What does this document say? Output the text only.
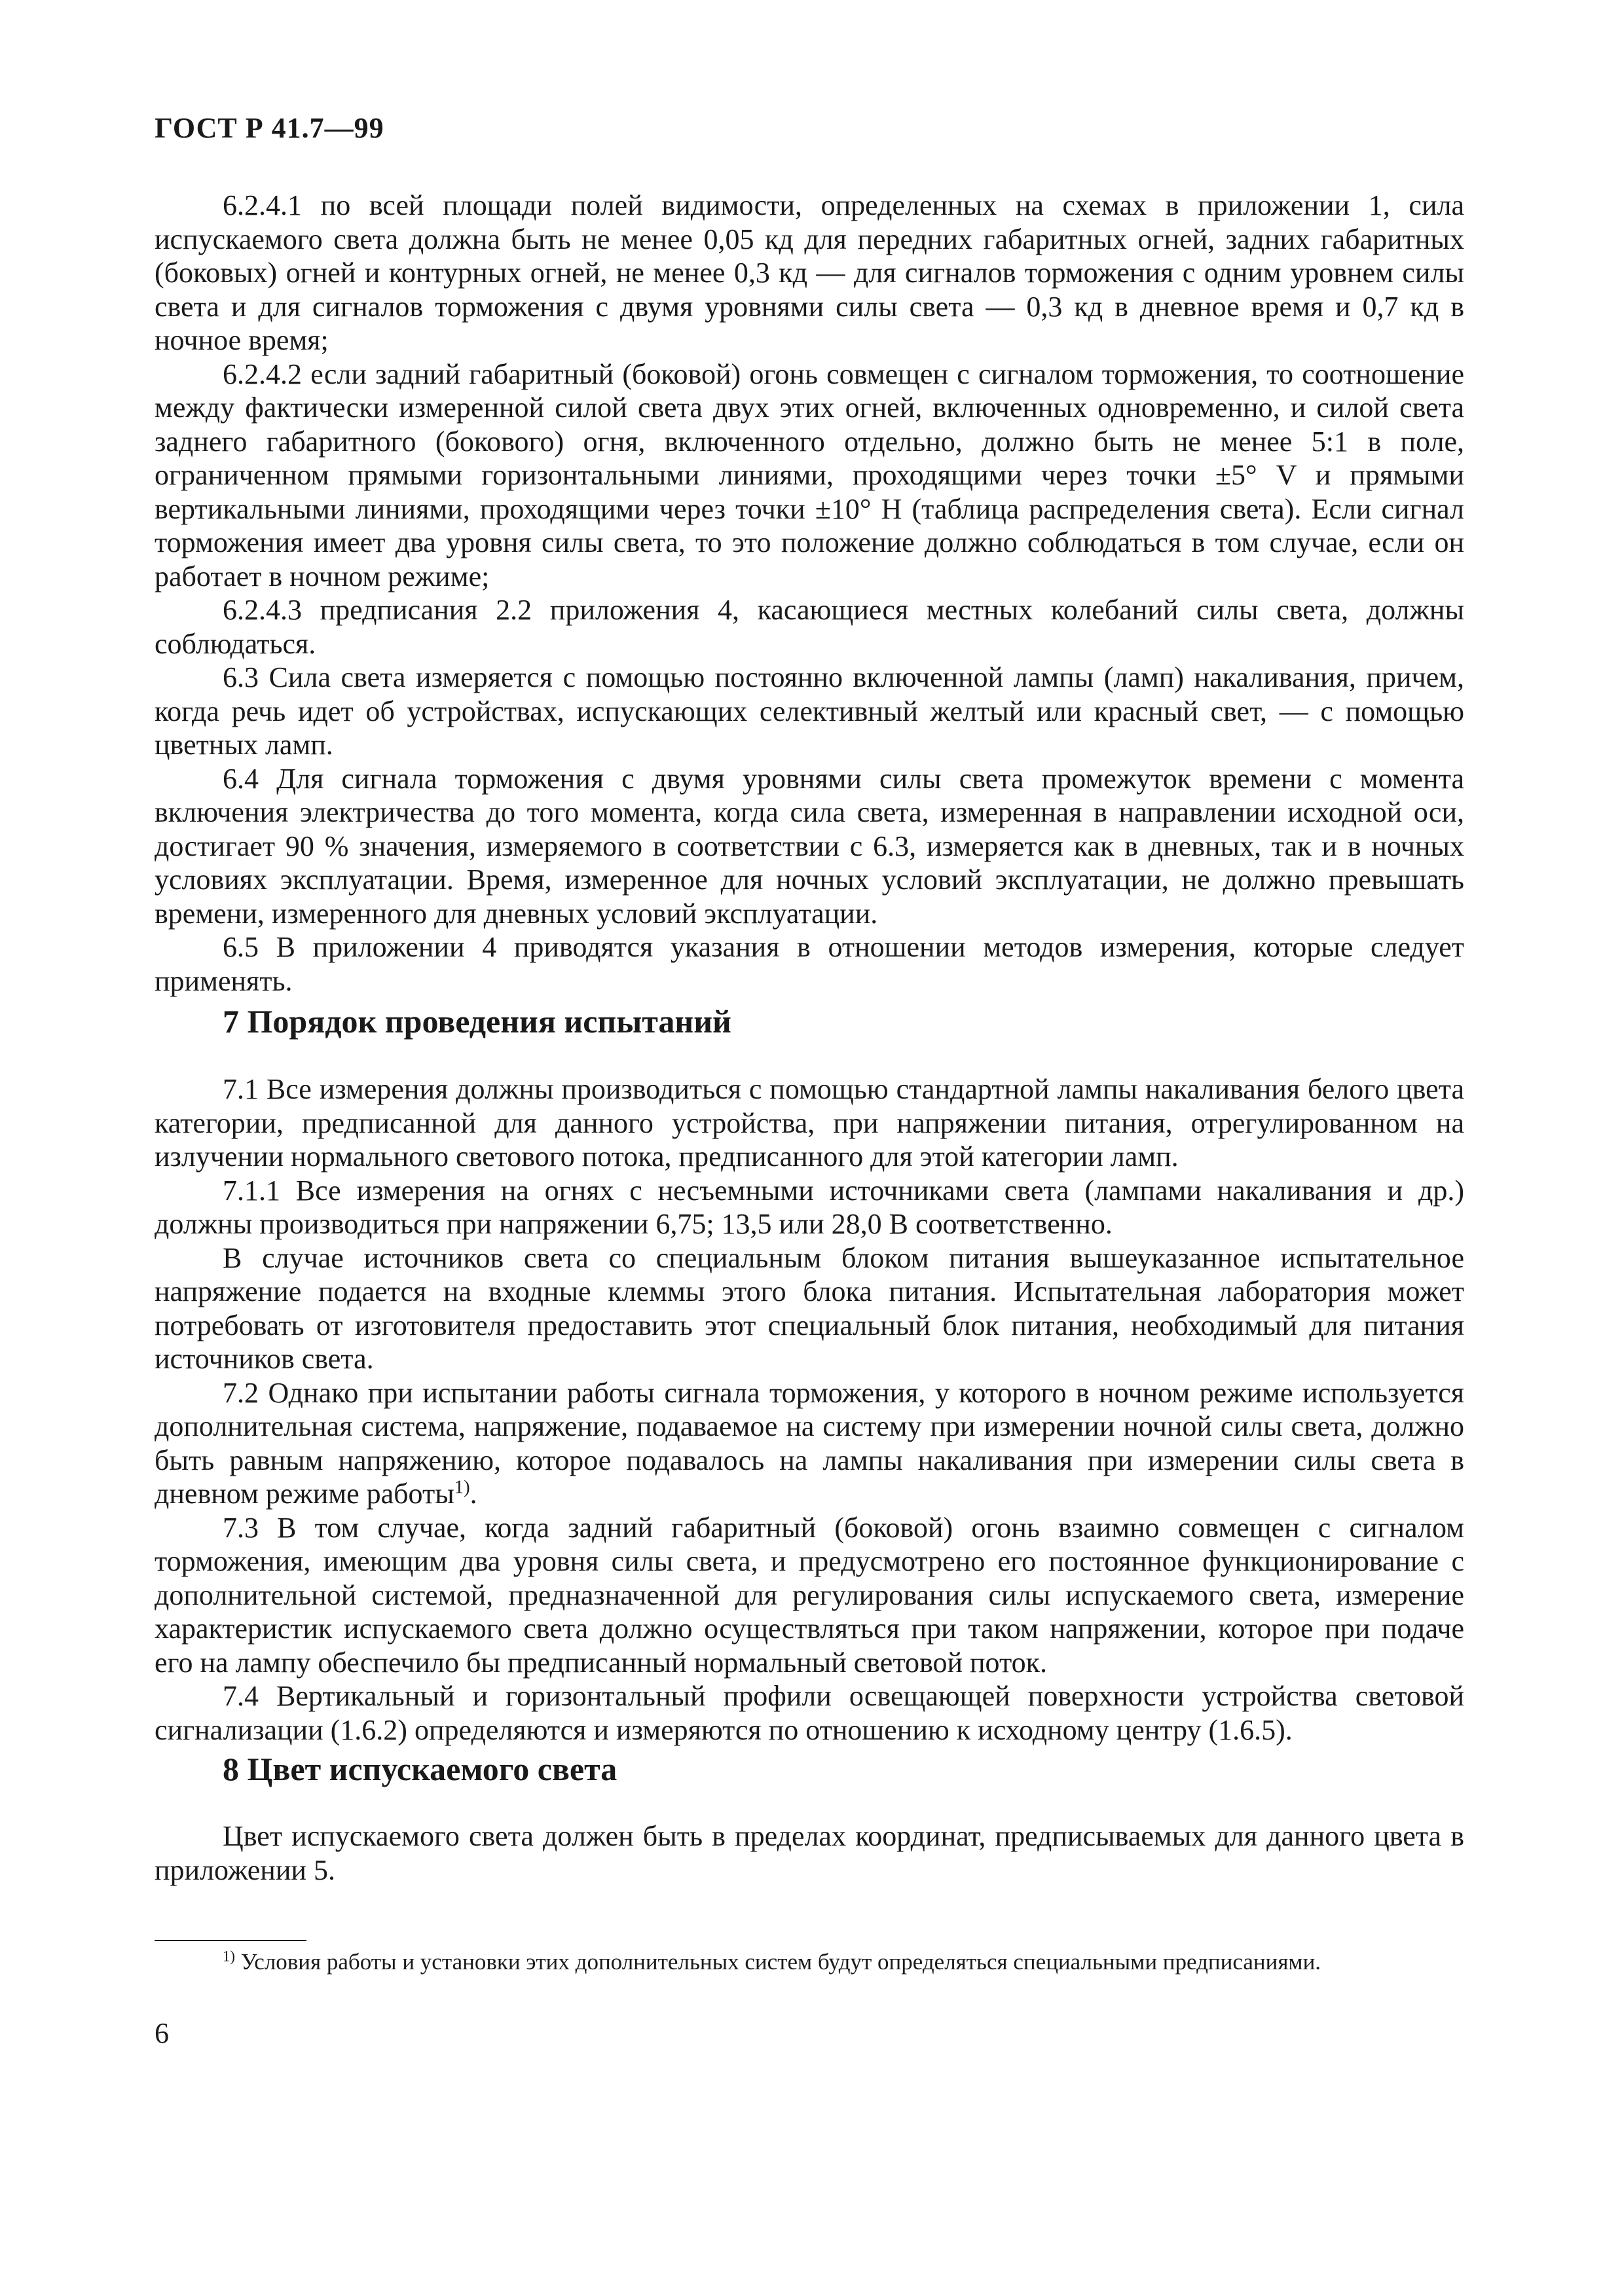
ГОСТ Р 41.7—99

6.2.4.1 по всей площади полей видимости, определенных на схемах в приложении 1, сила испускаемого света должна быть не менее 0,05 кд для передних габаритных огней, задних габаритных (боковых) огней и контурных огней, не менее 0,3 кд — для сигналов торможения с одним уровнем силы света и для сигналов торможения с двумя уровнями силы света — 0,3 кд в дневное время и 0,7 кд в ночное время;

6.2.4.2 если задний габаритный (боковой) огонь совмещен с сигналом торможения, то соотношение между фактически измеренной силой света двух этих огней, включенных одновременно, и силой света заднего габаритного (бокового) огня, включенного отдельно, должно быть не менее 5:1 в поле, ограниченном прямыми горизонтальными линиями, проходящими через точки ±5° V и прямыми вертикальными линиями, проходящими через точки ±10° H (таблица распределения света). Если сигнал торможения имеет два уровня силы света, то это положение должно соблюдаться в том случае, если он работает в ночном режиме;

6.2.4.3 предписания 2.2 приложения 4, касающиеся местных колебаний силы света, должны соблюдаться.

6.3 Сила света измеряется с помощью постоянно включенной лампы (ламп) накаливания, причем, когда речь идет об устройствах, испускающих селективный желтый или красный свет, — с помощью цветных ламп.

6.4 Для сигнала торможения с двумя уровнями силы света промежуток времени с момента включения электричества до того момента, когда сила света, измеренная в направлении исходной оси, достигает 90 % значения, измеряемого в соответствии с 6.3, измеряется как в дневных, так и в ночных условиях эксплуатации. Время, измеренное для ночных условий эксплуатации, не должно превышать времени, измеренного для дневных условий эксплуатации.

6.5 В приложении 4 приводятся указания в отношении методов измерения, которые следует применять.

7 Порядок проведения испытаний

7.1 Все измерения должны производиться с помощью стандартной лампы накаливания белого цвета категории, предписанной для данного устройства, при напряжении питания, отрегулированном на излучении нормального светового потока, предписанного для этой категории ламп.

7.1.1 Все измерения на огнях с несъемными источниками света (лампами накаливания и др.) должны производиться при напряжении 6,75; 13,5 или 28,0 В соответственно.

В случае источников света со специальным блоком питания вышеуказанное испытательное напряжение подается на входные клеммы этого блока питания. Испытательная лаборатория может потребовать от изготовителя предоставить этот специальный блок питания, необходимый для питания источников света.

7.2 Однако при испытании работы сигнала торможения, у которого в ночном режиме используется дополнительная система, напряжение, подаваемое на систему при измерении ночной силы света, должно быть равным напряжению, которое подавалось на лампы накаливания при измерении силы света в дневном режиме работы$^{1)}$.

7.3 В том случае, когда задний габаритный (боковой) огонь взаимно совмещен с сигналом торможения, имеющим два уровня силы света, и предусмотрено его постоянное функционирование с дополнительной системой, предназначенной для регулирования силы испускаемого света, измерение характеристик испускаемого света должно осуществляться при таком напряжении, которое при подаче его на лампу обеспечило бы предписанный нормальный световой поток.

7.4 Вертикальный и горизонтальный профили освещающей поверхности устройства световой сигнализации (1.6.2) определяются и измеряются по отношению к исходному центру (1.6.5).

8 Цвет испускаемого света

Цвет испускаемого света должен быть в пределах координат, предписываемых для данного цвета в приложении 5.

$^{1)}$ Условия работы и установки этих дополнительных систем будут определяться специальными предписаниями.

6
